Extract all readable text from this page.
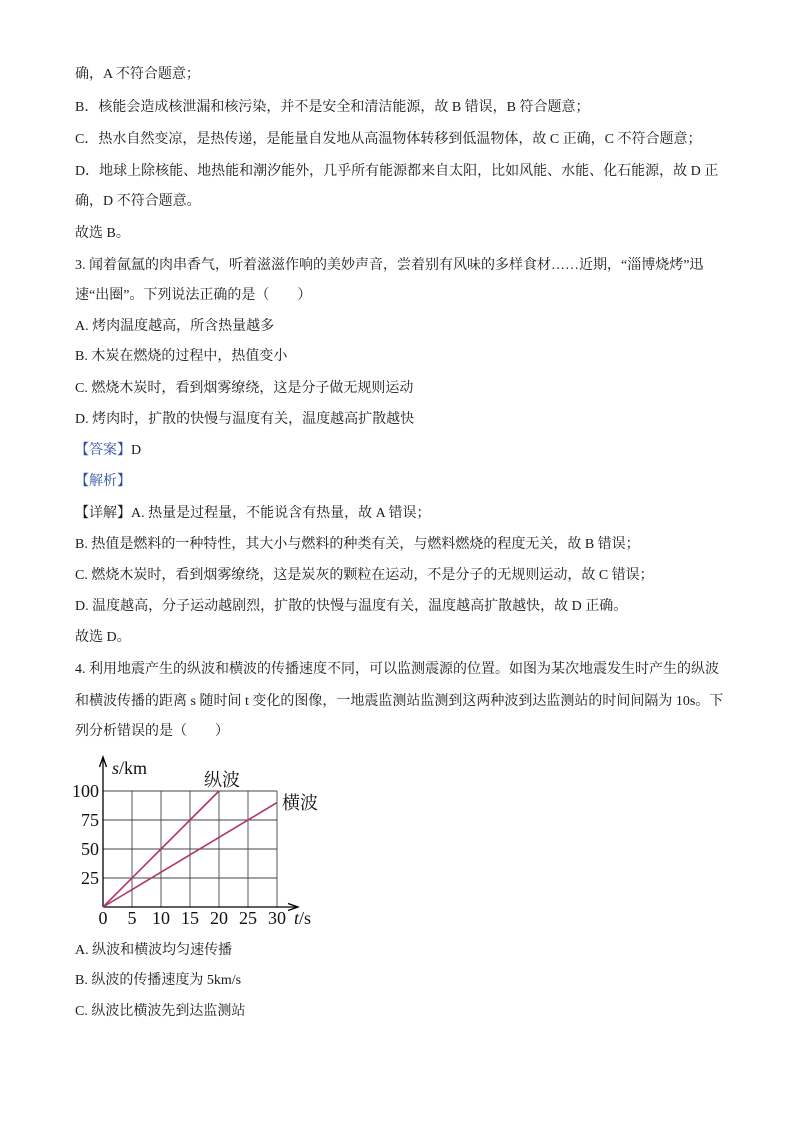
确，A 不符合题意；
B．核能会造成核泄漏和核污染，并不是安全和清洁能源，故 B 错误，B 符合题意；
C．热水自然变凉，是热传递，是能量自发地从高温物体转移到低温物体，故 C 正确，C 不符合题意；
D．地球上除核能、地热能和潮汐能外，几乎所有能源都来自太阳，比如风能、水能、化石能源，故 D 正
确，D 不符合题意。
故选 B。
3. 闻着氤氲的肉串香气，听着滋滋作响的美妙声音，尝着别有风味的多样食材……近期，“淄博烧烤”迅
速“出圈”。下列说法正确的是（　　）
A. 烤肉温度越高，所含热量越多
B. 木炭在燃烧的过程中，热值变小
C. 燃烧木炭时，看到烟雾缭绕，这是分子做无规则运动
D. 烤肉时，扩散的快慢与温度有关，温度越高扩散越快
【答案】D
【解析】
【详解】A. 热量是过程量，不能说含有热量，故 A 错误；
B. 热值是燃料的一种特性，其大小与燃料的种类有关，与燃料燃烧的程度无关，故 B 错误；
C. 燃烧木炭时，看到烟雾缭绕，这是炭灰的颗粒在运动，不是分子的无规则运动，故 C 错误；
D. 温度越高，分子运动越剧烈，扩散的快慢与温度有关，温度越高扩散越快，故 D 正确。
故选 D。
4. 利用地震产生的纵波和横波的传播速度不同，可以监测震源的位置。如图为某次地震发生时产生的纵波
和横波传播的距离 s 随时间 t 变化的图像，一地震监测站监测到这两种波到达监测站的时间间隔为 10s。下
列分析错误的是（　　）
0 5 10 15 20 25 30
25
50
75
100
s/km
t/s
纵波
横波
A. 纵波和横波均匀速传播
B. 纵波的传播速度为 5km/s
C. 纵波比横波先到达监测站
